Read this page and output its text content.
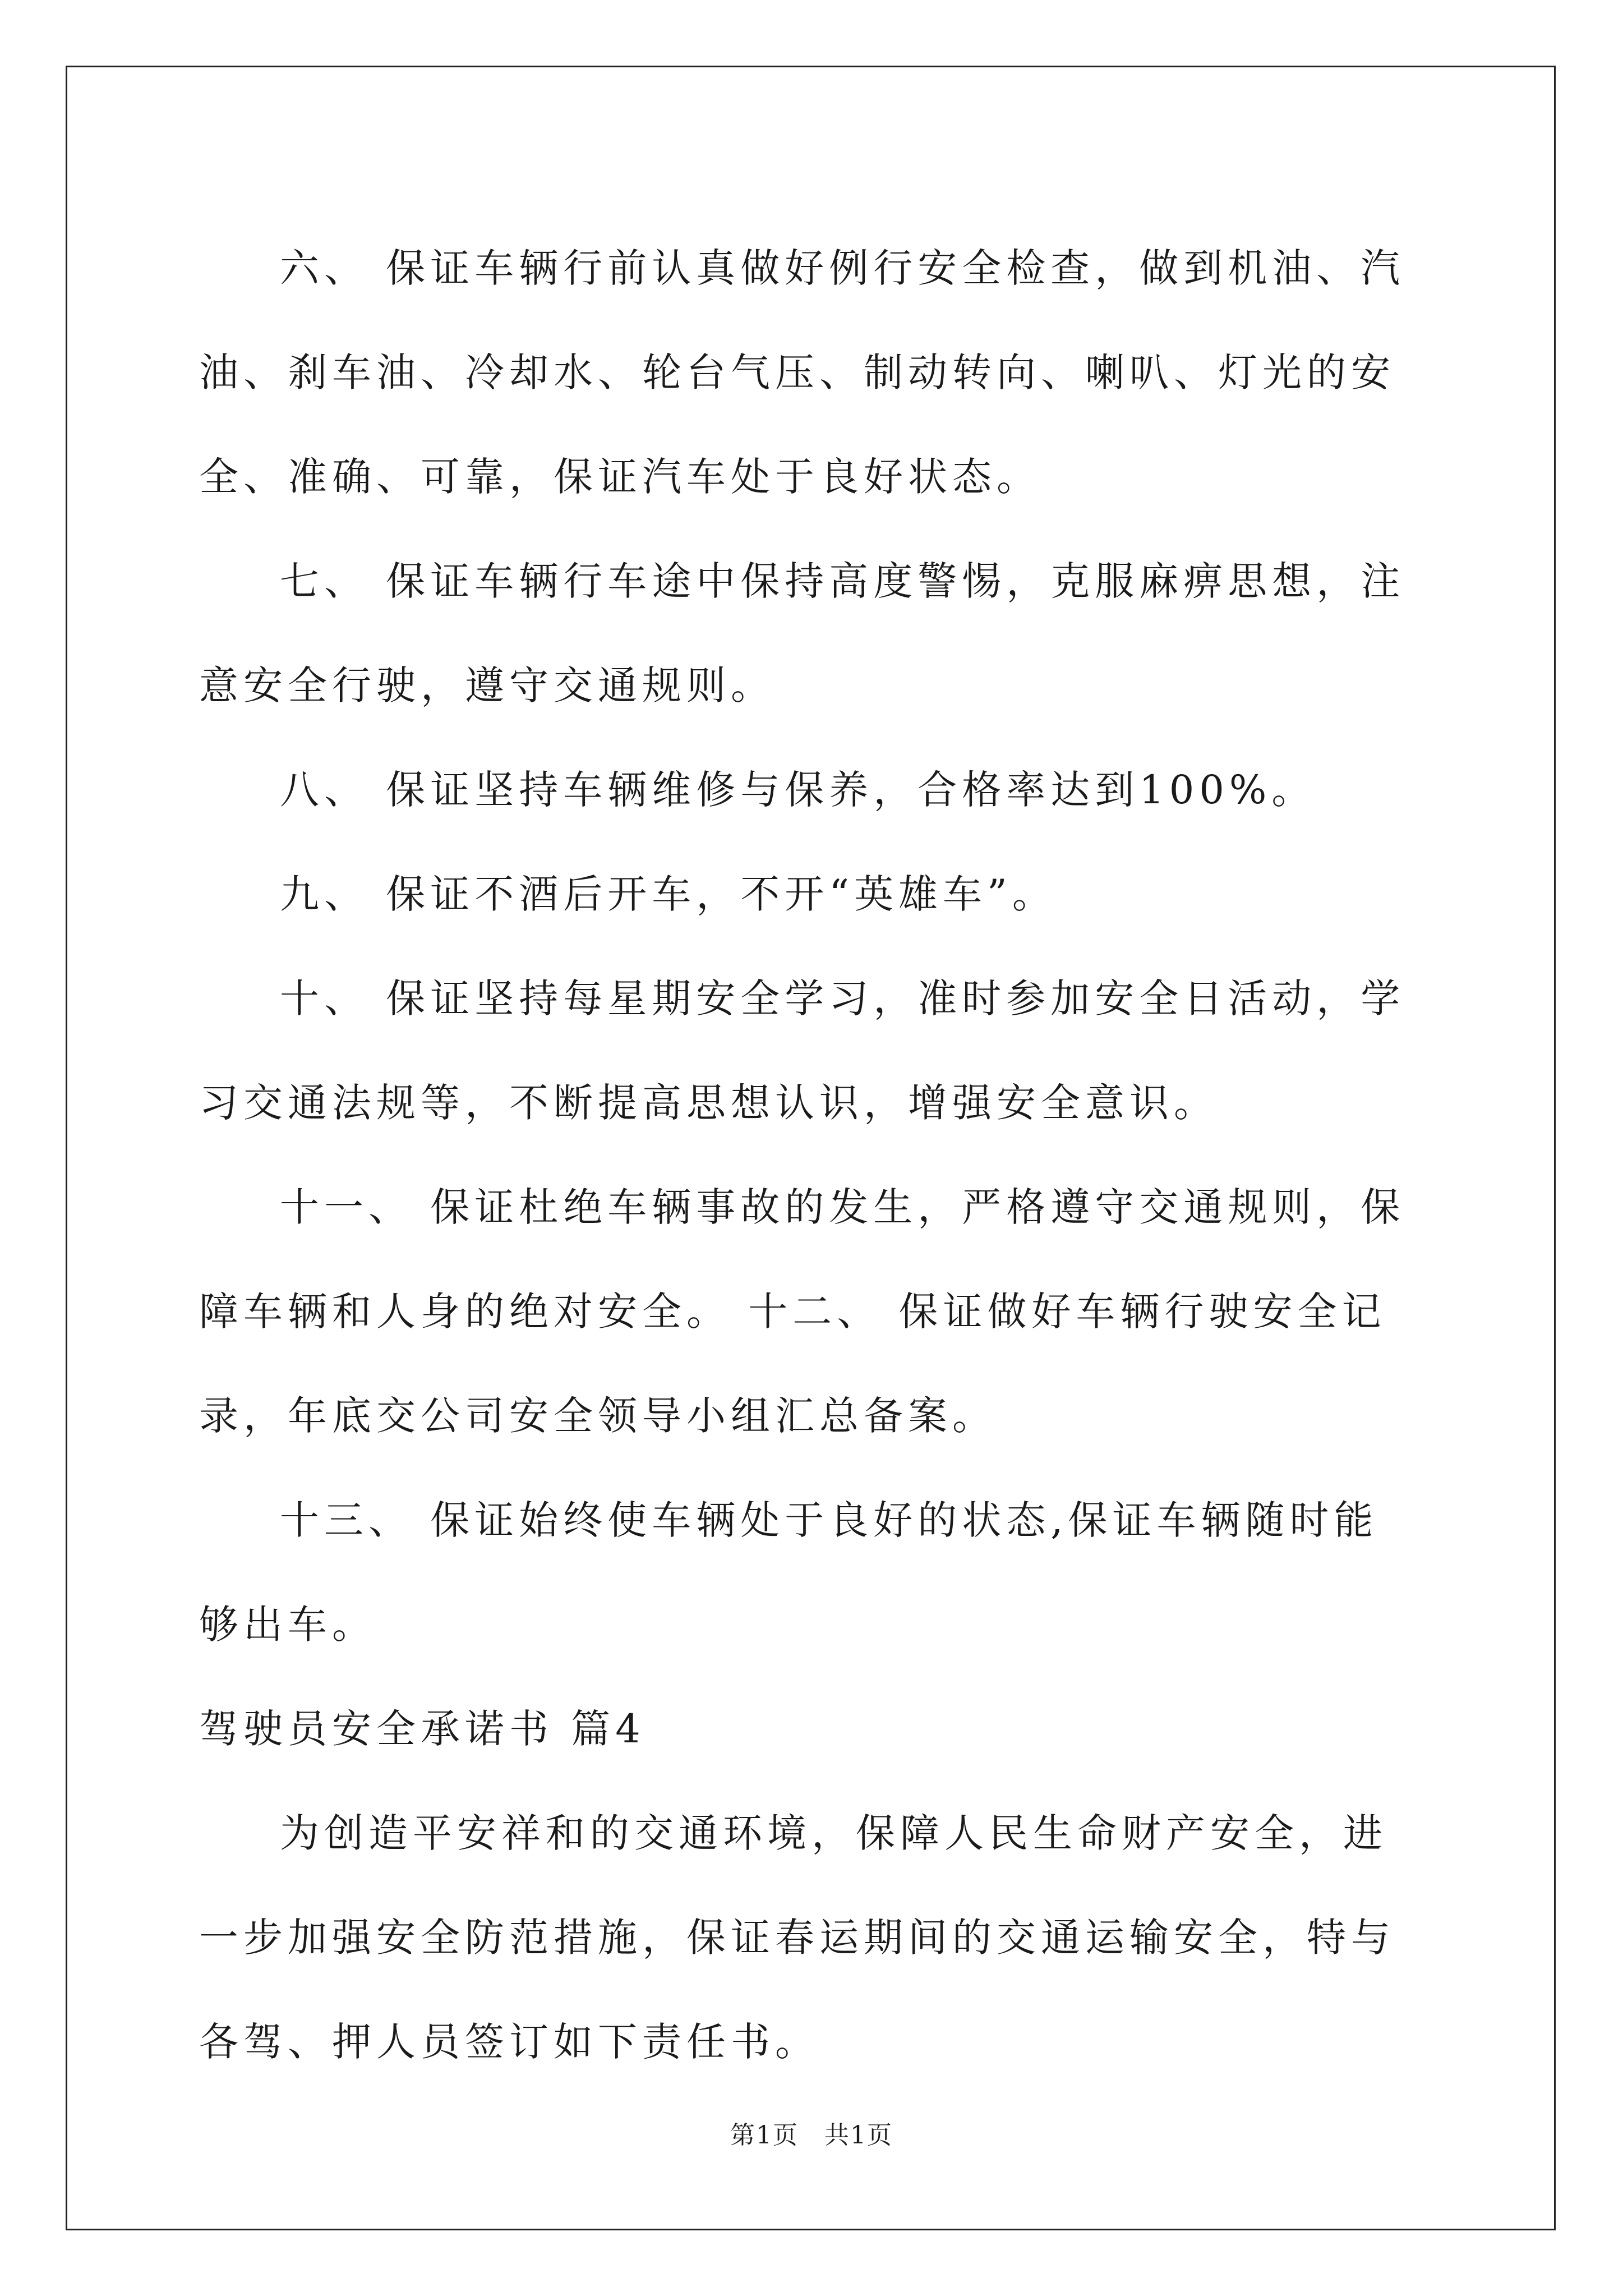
六、 保证车辆行前认真做好例行安全检查，做到机油、汽油、刹车油、冷却水、轮台气压、制动转向、喇叭、灯光的安全、准确、可靠，保证汽车处于良好状态。

七、 保证车辆行车途中保持高度警惕，克服麻痹思想，注意安全行驶，遵守交通规则。

八、 保证坚持车辆维修与保养，合格率达到100%。

九、 保证不酒后开车，不开“英雄车”。

十、 保证坚持每星期安全学习，准时参加安全日活动，学习交通法规等，不断提高思想认识，增强安全意识。

十一、 保证杜绝车辆事故的发生，严格遵守交通规则，保障车辆和人身的绝对安全。 十二、 保证做好车辆行驶安全记录，年底交公司安全领导小组汇总备案。

十三、 保证始终使车辆处于良好的状态,保证车辆随时能够出车。

驾驶员安全承诺书 篇4

为创造平安祥和的交通环境，保障人民生命财产安全，进一步加强安全防范措施，保证春运期间的交通运输安全，特与各驾、押人员签订如下责任书。

第1页　共1页
